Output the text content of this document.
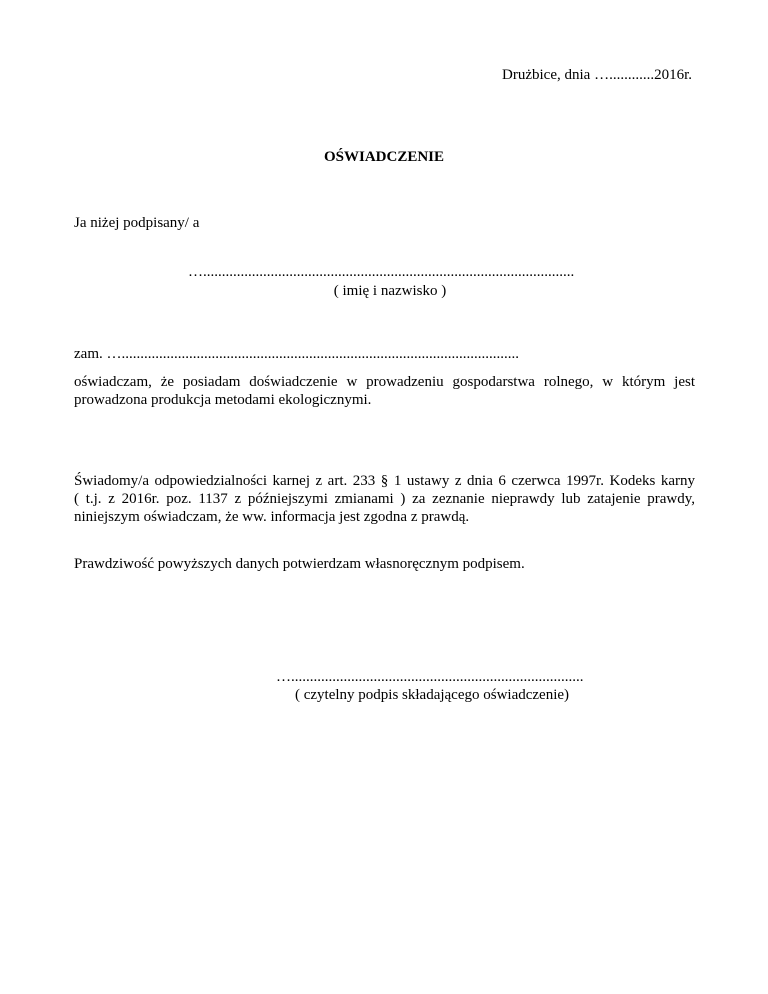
Drużbice, dnia …............2016r.
OŚWIADCZENIE
Ja niżej podpisany/ a
…...................................................................................................
( imię i nazwisko )
zam. …..........................................................................................................
oświadczam, że posiadam doświadczenie w prowadzeniu gospodarstwa rolnego, w którym jest prowadzona produkcja metodami ekologicznymi.
Świadomy/a odpowiedzialności karnej z art. 233 § 1 ustawy z dnia 6 czerwca 1997r. Kodeks karny
( t.j. z 2016r. poz. 1137 z późniejszymi zmianami ) za zeznanie nieprawdy lub zatajenie prawdy,
niniejszym oświadczam, że ww. informacja jest zgodna z prawdą.
Prawdziwość powyższych danych potwierdzam własnoręcznym podpisem.
…..............................................................................
( czytelny podpis składającego oświadczenie)
